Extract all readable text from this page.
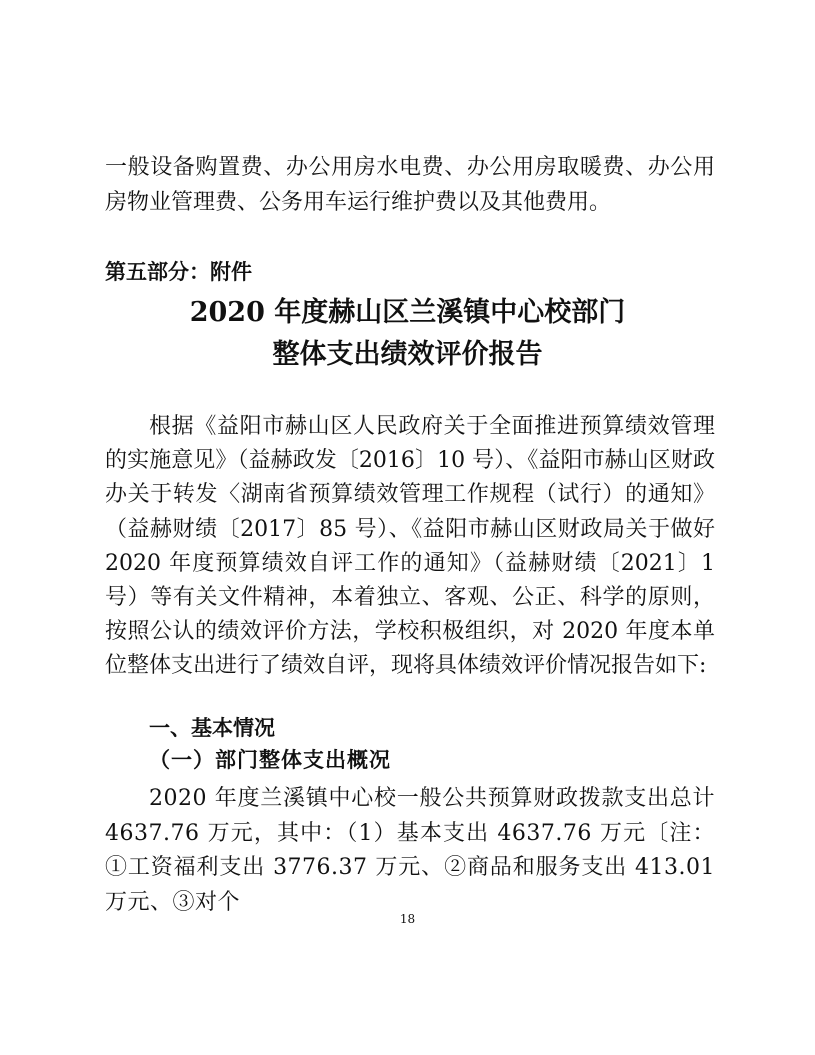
一般设备购置费、办公用房水电费、办公用房取暖费、办公用房物业管理费、公务用车运行维护费以及其他费用。

第五部分：附件
2020 年度赫山区兰溪镇中心校部门
整体支出绩效评价报告

根据《益阳市赫山区人民政府关于全面推进预算绩效管理的实施意见》（益赫政发〔2016〕10 号）、《益阳市赫山区财政办关于转发〈湖南省预算绩效管理工作规程（试行）的通知》（益赫财绩〔2017〕85 号）、《益阳市赫山区财政局关于做好 2020 年度预算绩效自评工作的通知》（益赫财绩〔2021〕1 号）等有关文件精神，本着独立、客观、公正、科学的原则，按照公认的绩效评价方法，学校积极组织，对 2020 年度本单位整体支出进行了绩效自评，现将具体绩效评价情况报告如下:

一、基本情况
（一）部门整体支出概况

2020 年度兰溪镇中心校一般公共预算财政拨款支出总计 4637.76 万元，其中：（1）基本支出 4637.76 万元〔注：①工资福利支出 3776.37 万元、②商品和服务支出 413.01 万元、③对个

18
